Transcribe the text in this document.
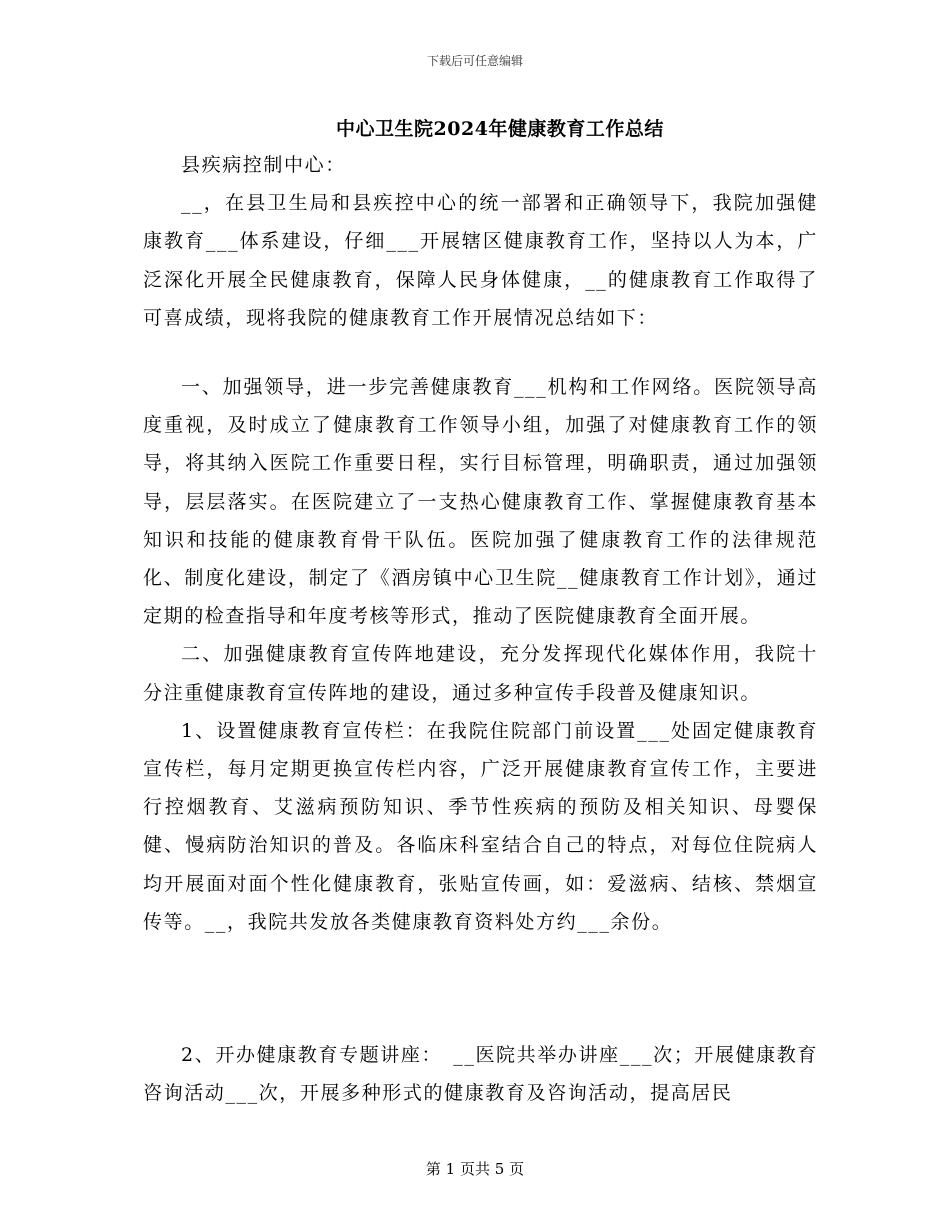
下载后可任意编辑
中心卫生院2024年健康教育工作总结

县疾病控制中心：

__，在县卫生局和县疾控中心的统一部署和正确领导下，我院加强健康教育___体系建设，仔细___开展辖区健康教育工作，坚持以人为本，广泛深化开展全民健康教育，保障人民身体健康，__的健康教育工作取得了可喜成绩，现将我院的健康教育工作开展情况总结如下：

一、加强领导，进一步完善健康教育___机构和工作网络。医院领导高度重视，及时成立了健康教育工作领导小组，加强了对健康教育工作的领导，将其纳入医院工作重要日程，实行目标管理，明确职责，通过加强领导，层层落实。在医院建立了一支热心健康教育工作、掌握健康教育基本知识和技能的健康教育骨干队伍。医院加强了健康教育工作的法律规范化、制度化建设，制定了《酒房镇中心卫生院__健康教育工作计划》，通过定期的检查指导和年度考核等形式，推动了医院健康教育全面开展。

二、加强健康教育宣传阵地建设，充分发挥现代化媒体作用，我院十分注重健康教育宣传阵地的建设，通过多种宣传手段普及健康知识。

1、设置健康教育宣传栏：在我院住院部门前设置___处固定健康教育宣传栏，每月定期更换宣传栏内容，广泛开展健康教育宣传工作，主要进行控烟教育、艾滋病预防知识、季节性疾病的预防及相关知识、母婴保健、慢病防治知识的普及。各临床科室结合自己的特点，对每位住院病人均开展面对面个性化健康教育，张贴宣传画，如：爱滋病、结核、禁烟宣传等。__，我院共发放各类健康教育资料处方约___余份。

2、开办健康教育专题讲座：　__医院共举办讲座___次；开展健康教育咨询活动___次，开展多种形式的健康教育及咨询活动，提高居民

第 1 页共 5 页
